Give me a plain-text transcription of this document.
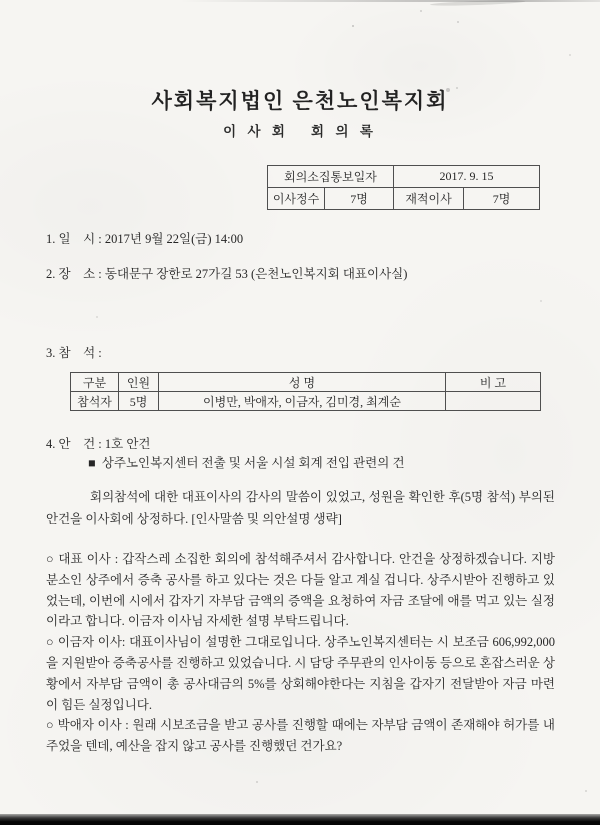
사회복지법인 은천노인복지회
이 사 회   회 의 록
회의소집통보일자		2017. 9. 15	
이사정수	7명	재적이사	7명
1. 일    시 : 2017년 9월 22일(금) 14:00
2. 장    소 : 동대문구 장한로 27가길 53 (은천노인복지회 대표이사실)
3. 참    석 :
구분	인원	성 명	비 고
참석자	5명	이병만, 박애자, 이금자, 김미경, 최계순	
4. 안    건 : 1호 안건
■  상주노인복지센터 전출 및 서울 시설 회계 전입 관련의 건

회의참석에 대한 대표이사의 감사의 말씀이 있었고, 성원을 확인한 후(5명 참석) 부의된 안건을 이사회에 상정하다. [인사말씀 및 의안설명 생략]

○ 대표 이사 : 갑작스레 소집한 회의에 참석해주셔서 감사합니다. 안건을 상정하겠습니다. 지방 분소인 상주에서 증축 공사를 하고 있다는 것은 다들 알고 계실 겁니다. 상주시받아 진행하고 있었는데, 이번에 시에서 갑자기 자부담 금액의 증액을 요청하여 자금 조달에 애를 먹고 있는 실정이라고 합니다. 이금자 이사님 자세한 설명 부탁드립니다.

○ 이금자 이사: 대표이사님이 설명한 그대로입니다. 상주노인복지센터는 시 보조금 606,992,000을 지원받아 증축공사를 진행하고 있었습니다. 시 담당 주무관의 인사이동 등으로 혼잡스러운 상황에서 자부담 금액이 총 공사대금의 5%를 상회해야한다는 지침을 갑자기 전달받아 자금 마련이 힘든 실정입니다.

○ 박애자 이사 : 원래 시보조금을 받고 공사를 진행할 때에는 자부담 금액이 존재해야 허가를 내주었을 텐데, 예산을 잡지 않고 공사를 진행했던 건가요?
